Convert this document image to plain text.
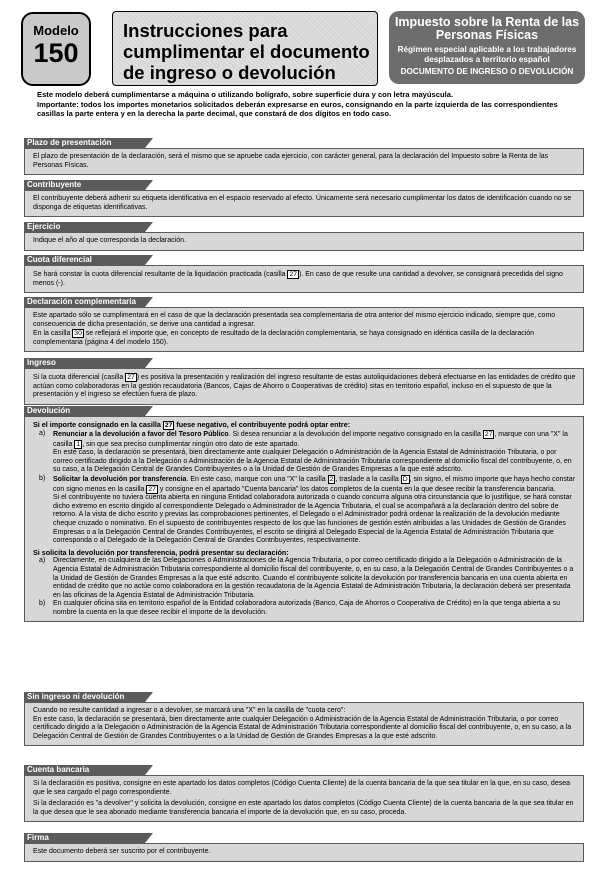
Modelo
150
Instrucciones para
cumplimentar el documento
de ingreso o devolución
Impuesto sobre la Renta de las
Personas Físicas
Régimen especial aplicable a los trabajadores
desplazados a territorio español
DOCUMENTO DE INGRESO O DEVOLUCIÓN

Este modelo deberá cumplimentarse a máquina o utilizando bolígrafo, sobre superficie dura y con letra mayúscula.

Importante: todos los importes monetarios solicitados deberán expresarse en euros, consignando en la parte izquierda de las correspondientes casillas la parte entera y en la derecha la parte decimal, que constará de dos dígitos en todo caso.

Plazo de presentación

El plazo de presentación de la declaración, será el mismo que se apruebe cada ejercicio, con carácter general, para la declaración del Impuesto sobre la Renta de las Personas Físicas.

Contribuyente

El contribuyente deberá adherir su etiqueta identificativa en el espacio reservado al efecto. Únicamente será necesario cumplimentar los datos de identificación cuando no se disponga de etiquetas identificativas.

Ejercicio

Indique el año al que corresponda la declaración.

Cuota diferencial

Se hará constar la cuota diferencial resultante de la liquidación practicada (casilla 27 ). En caso de que resulte una cantidad a devolver, se consignará precedida del signo menos (-).

Declaración complementaria

Este apartado sólo se cumplimentará en el caso de que la declaración presentada sea complementaria de otra anterior del mismo ejercicio indicado, siempre que, como consecuencia de dicha presentación, se derive una cantidad a ingresar.

En la casilla 30 se reflejará el importe que, en concepto de resultado de la declaración complementaria, se haya consignado en idéntica casilla de la declaración complementaria (página 4 del modelo 150).

Ingreso

Si la cuota diferencial (casilla 27 ) es positiva la presentación y realización del ingreso resultante de estas autoliquidaciones deberá efectuarse en las entidades de crédito que actúan como colaboradoras en la gestión recaudatoria (Bancos, Cajas de Ahorro o Cooperativas de crédito) sitas en territorio español, incluso en el supuesto de que la presentación y el ingreso se efectúen fuera de plazo.

Devolución

Si el importe consignado en la casilla 27 fuese negativo, el contribuyente podrá optar entre:

a) Renunciar a la devolución a favor del Tesoro Público. Si desea renunciar a la devolución del importe negativo consignado en la casilla 27 , marque con una "X" la casilla 1 , sin que sea preciso cumplimentar ningún otro dato de este apartado.

En este caso, la declaración se presentará, bien directamente ante cualquier Delegación o Administración de la Agencia Estatal de Administración Tributaria, o por correo certificado dirigido a la Delegación o Administración de la Agencia Estatal de Administración Tributaria correspondiente al domicilio fiscal del contribuyente, o, en su caso, a la Delegación Central de Grandes Contribuyentes o a la Unidad de Gestión de Grandes Empresas a la que esté adscrito.

b) Solicitar la devolución por transferencia. En este caso, marque con una "X" la casilla 2 , traslade a la casilla D , sin signo, el mismo importe que haya hecho constar con signo menos en la casilla 27 y consigne en el apartado "Cuenta bancaria" los datos completos de la cuenta en la que desee recibir la transferencia bancaria.

Si el contribuyente no tuviera cuenta abierta en ninguna Entidad colaboradora autorizada o cuando concurra alguna otra circunstancia que lo justifique, se hará constar dicho extremo en escrito dirigido al correspondiente Delegado o Administrador de la Agencia Tributaria, el cual se acompañará a la declaración dentro del sobre de retorno. A la vista de dicho escrito y previas las comprobaciones pertinentes, el Delegado o el Administrador podrá ordenar la realización de la devolución mediante cheque cruzado o nominativo. En el supuesto de contribuyentes respecto de los que las funciones de gestión estén atribuidas a las Unidades de Gestión de Grandes Empresas o a la Delegación Central de Grandes Contribuyentes, el escrito se dirigirá al Delegado Especial de la Agencia Estatal de Administración Tributaria que corresponda o al Delegado de la Delegación Central de Grandes Contribuyentes, respectivamente.

Si solicita la devolución por transferencia, podrá presentar su declaración:

a) Directamente, en cualquiera de las Delegaciones o Administraciones de la Agencia Tributaria, o por correo certificado dirigido a la Delegación o Administración de la Agencia Estatal de Administración Tributaria correspondiente al domicilio fiscal del contribuyente, o, en su caso, a la Delegación Central de Grandes Contribuyentes o a la Unidad de Gestión de Grandes Empresas a la que esté adscrito. Cuando el contribuyente solicite la devolución por transferencia bancaria en una cuenta abierta en entidad de crédito que no actúe como colaboradora en la gestión recaudatoria de la Agencia Estatal de Administración Tributaria, la declaración deberá ser presentada en las oficinas de la Agencia Estatal de Administración Tributaria.

b) En cualquier oficina sita en territorio español de la Entidad colaboradora autorizada (Banco, Caja de Ahorros o Cooperativa de Crédito) en la que tenga abierta a su nombre la cuenta en la que desee recibir el importe de la devolución.

Sin ingreso ni devolución

Cuando no resulte cantidad a ingresar o a devolver, se marcará una "X" en la casilla de "cuota cero":

En este caso, la declaración se presentará, bien directamente ante cualquier Delegación o Administración de la Agencia Estatal de Administración Tributaria, o por correo certificado dirigido a la Delegación o Administración de la Agencia Estatal de Administración Tributaria correspondiente al domicilio fiscal del contribuyente, o, en su caso, a la Delegación Central de Gestión de Grandes Contribuyentes o a la Unidad de Gestión de Grandes Empresas a la que esté adscrito.

Cuenta bancaria

Si la declaración es positiva, consigne en este apartado los datos completos (Código Cuenta Cliente) de la cuenta bancaria de la que sea titular en la que, en su caso, desea que le sea cargado el pago correspondiente.

Si la declaración es "a devolver" y solicita la devolución, consigne en este apartado los datos completos (Código Cuenta Cliente) de la cuenta bancaria de la que sea titular en la que desea que le sea abonado mediante transferencia bancaria el importe de la devolución que, en su caso, proceda.

Firma

Este documento deberá ser suscrito por el contribuyente.
